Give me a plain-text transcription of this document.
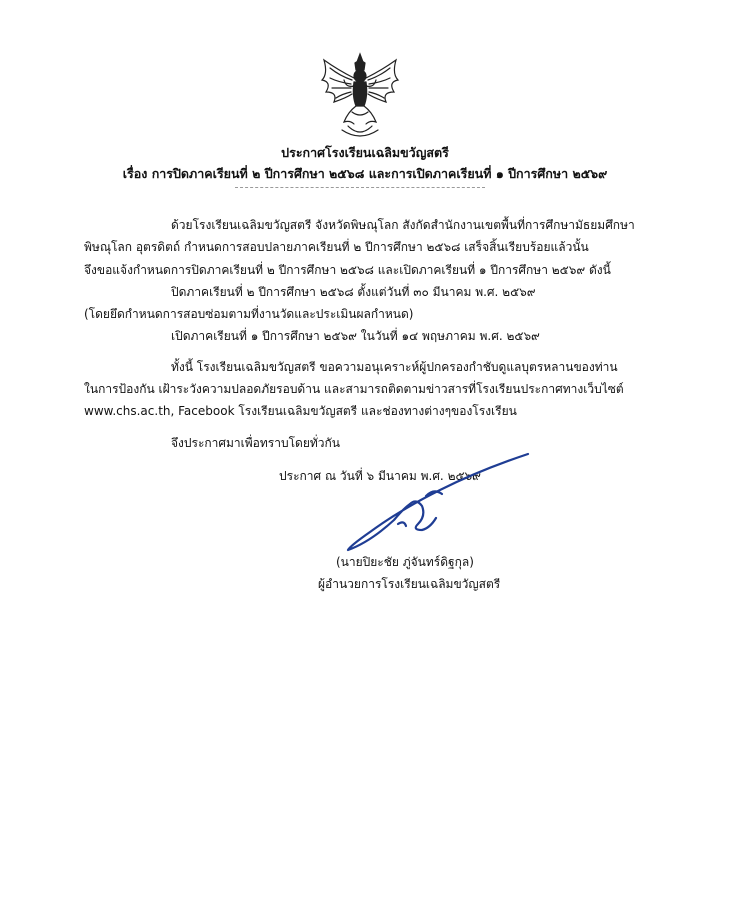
ประกาศโรงเรียนเฉลิมขวัญสตรี
เรื่อง การปิดภาคเรียนที่ ๒ ปีการศึกษา ๒๕๖๘ และการเปิดภาคเรียนที่ ๑ ปีการศึกษา ๒๕๖๙
ด้วยโรงเรียนเฉลิมขวัญสตรี จังหวัดพิษณุโลก สังกัดสำนักงานเขตพื้นที่การศึกษามัธยมศึกษา
พิษณุโลก อุตรดิตถ์ กำหนดการสอบปลายภาคเรียนที่ ๒ ปีการศึกษา ๒๕๖๘ เสร็จสิ้นเรียบร้อยแล้วนั้น
จึงขอแจ้งกำหนดการปิดภาคเรียนที่ ๒ ปีการศึกษา ๒๕๖๘ และเปิดภาคเรียนที่ ๑ ปีการศึกษา ๒๕๖๙ ดังนี้
ปิดภาคเรียนที่ ๒ ปีการศึกษา ๒๕๖๘ ตั้งแต่วันที่ ๓๐ มีนาคม พ.ศ. ๒๕๖๙
(โดยยึดกำหนดการสอบซ่อมตามที่งานวัดและประเมินผลกำหนด)
เปิดภาคเรียนที่ ๑ ปีการศึกษา ๒๕๖๙ ในวันที่ ๑๔ พฤษภาคม พ.ศ. ๒๕๖๙
ทั้งนี้ โรงเรียนเฉลิมขวัญสตรี ขอความอนุเคราะห์ผู้ปกครองกำชับดูแลบุตรหลานของท่าน
ในการป้องกัน เฝ้าระวังความปลอดภัยรอบด้าน และสามารถติดตามข่าวสารที่โรงเรียนประกาศทางเว็บไซต์
www.chs.ac.th, Facebook โรงเรียนเฉลิมขวัญสตรี และช่องทางต่างๆของโรงเรียน
จึงประกาศมาเพื่อทราบโดยทั่วกัน
ประกาศ ณ วันที่ ๖ มีนาคม พ.ศ. ๒๕๖๙
(นายปิยะชัย ภู่จันทร์ดิฐกุล)
ผู้อำนวยการโรงเรียนเฉลิมขวัญสตรี
